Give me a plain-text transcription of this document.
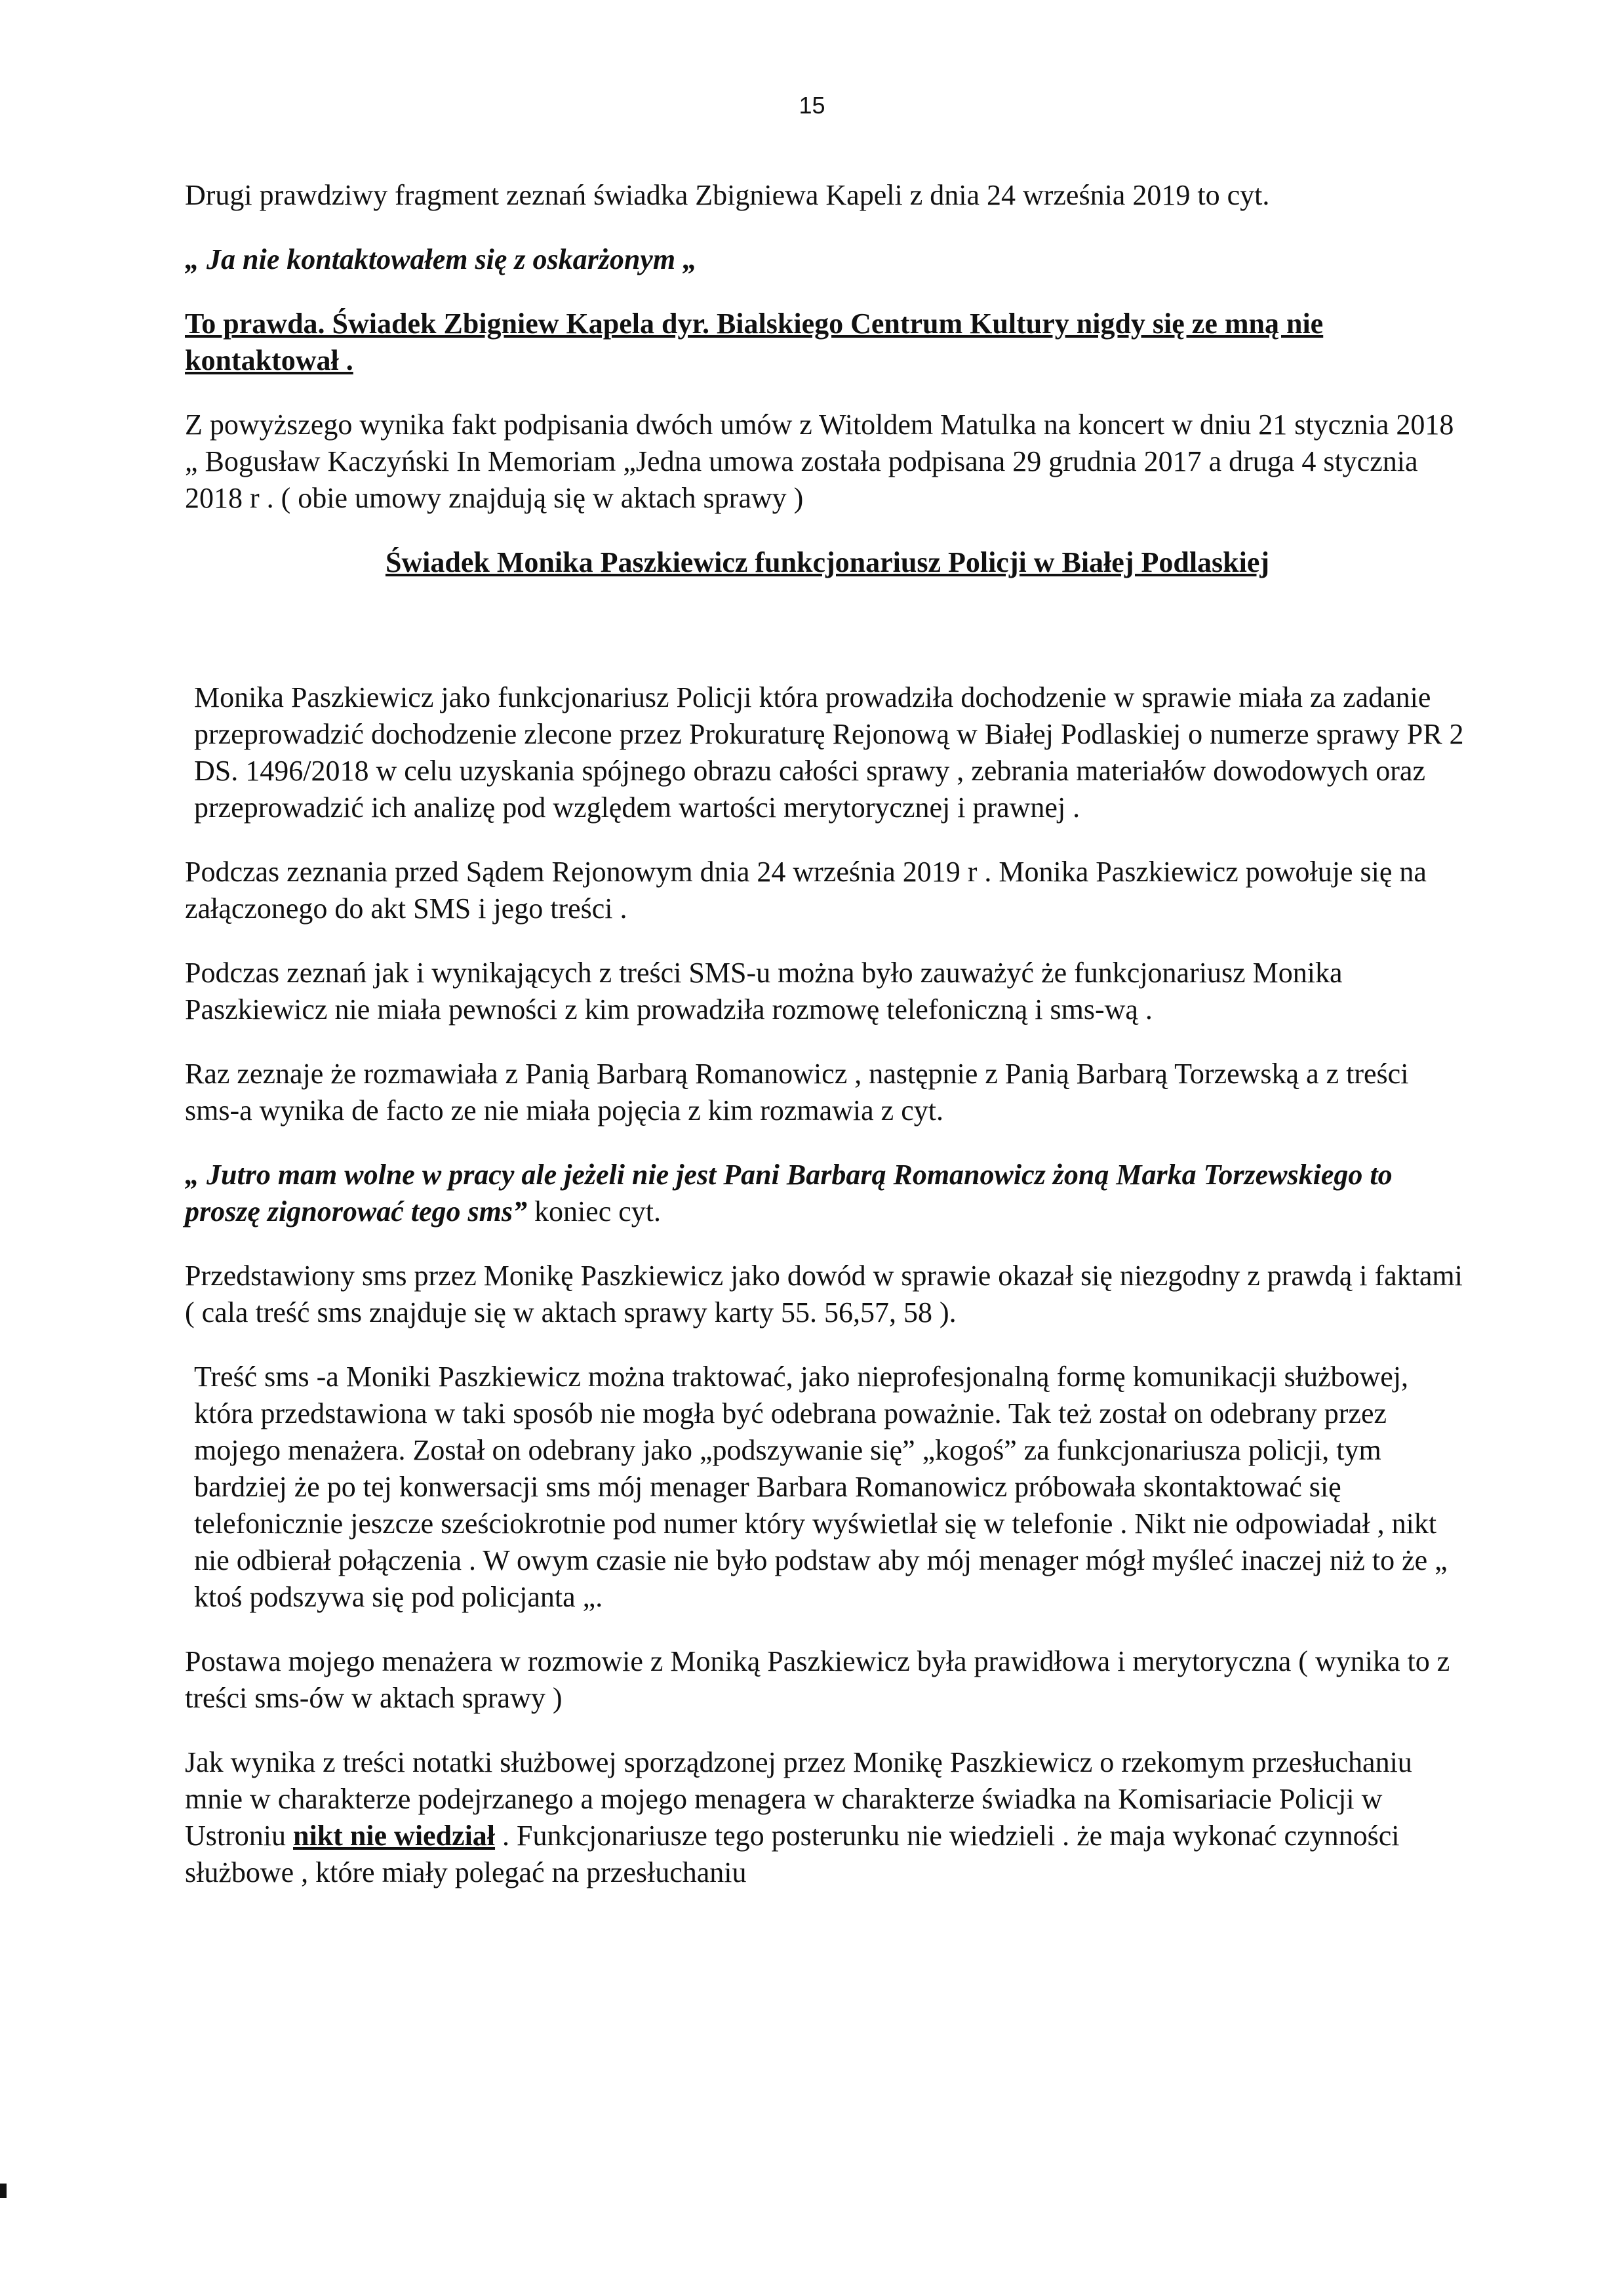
15

Drugi prawdziwy fragment zeznań świadka Zbigniewa Kapeli z dnia 24 września 2019 to cyt.

„ Ja nie kontaktowałem się z oskarżonym „

To prawda. Świadek Zbigniew Kapela dyr. Bialskiego Centrum Kultury nigdy się ze mną nie kontaktował .

Z powyższego wynika fakt podpisania dwóch umów z Witoldem Matulka na koncert w dniu 21 stycznia 2018 „ Bogusław Kaczyński In Memoriam „Jedna umowa została podpisana 29 grudnia 2017 a druga 4 stycznia 2018 r . ( obie umowy znajdują się w aktach sprawy )

Świadek Monika Paszkiewicz funkcjonariusz Policji w Białej Podlaskiej

Monika Paszkiewicz jako funkcjonariusz Policji która prowadziła dochodzenie w sprawie miała za zadanie przeprowadzić dochodzenie zlecone przez Prokuraturę Rejonową w Białej Podlaskiej o numerze sprawy PR 2 DS. 1496/2018 w celu uzyskania spójnego obrazu całości sprawy , zebrania materiałów dowodowych oraz przeprowadzić ich analizę pod względem wartości merytorycznej i prawnej .

Podczas zeznania przed Sądem Rejonowym dnia 24 września 2019 r . Monika Paszkiewicz powołuje się na załączonego do akt SMS i jego treści .

Podczas zeznań jak i wynikających z treści SMS-u można było zauważyć że funkcjonariusz Monika Paszkiewicz nie miała pewności z kim prowadziła rozmowę telefoniczną i sms-wą .

Raz zeznaje że rozmawiała z Panią Barbarą Romanowicz , następnie z Panią Barbarą Torzewską a z treści sms-a wynika de facto ze nie miała pojęcia z kim rozmawia z cyt.

„ Jutro mam wolne w pracy ale jeżeli nie jest Pani Barbarą Romanowicz żoną Marka Torzewskiego to proszę zignorować tego sms” koniec cyt.

Przedstawiony sms przez Monikę Paszkiewicz jako dowód w sprawie okazał się niezgodny z prawdą i faktami ( cala treść sms znajduje się w aktach sprawy karty 55. 56,57, 58 ).

Treść sms -a Moniki Paszkiewicz można traktować, jako nieprofesjonalną formę komunikacji służbowej, która przedstawiona w taki sposób nie mogła być odebrana poważnie. Tak też został on odebrany przez mojego menażera. Został on odebrany jako „podszywanie się” „kogoś” za funkcjonariusza policji, tym bardziej że po tej konwersacji sms mój menager Barbara Romanowicz próbowała skontaktować się telefonicznie jeszcze sześciokrotnie pod numer który wyświetlał się w telefonie . Nikt nie odpowiadał , nikt nie odbierał połączenia . W owym czasie nie było podstaw aby mój menager mógł myśleć inaczej niż to że „ ktoś podszywa się pod policjanta „.

Postawa mojego menażera w rozmowie z Moniką Paszkiewicz była prawidłowa i merytoryczna ( wynika to z treści sms-ów w aktach sprawy )

Jak wynika z treści notatki służbowej sporządzonej przez Monikę Paszkiewicz o rzekomym przesłuchaniu mnie w charakterze podejrzanego a mojego menagera w charakterze świadka na Komisariacie Policji w Ustroniu nikt nie wiedział . Funkcjonariusze tego posterunku nie wiedzieli . że maja wykonać czynności służbowe , które miały polegać na przesłuchaniu
